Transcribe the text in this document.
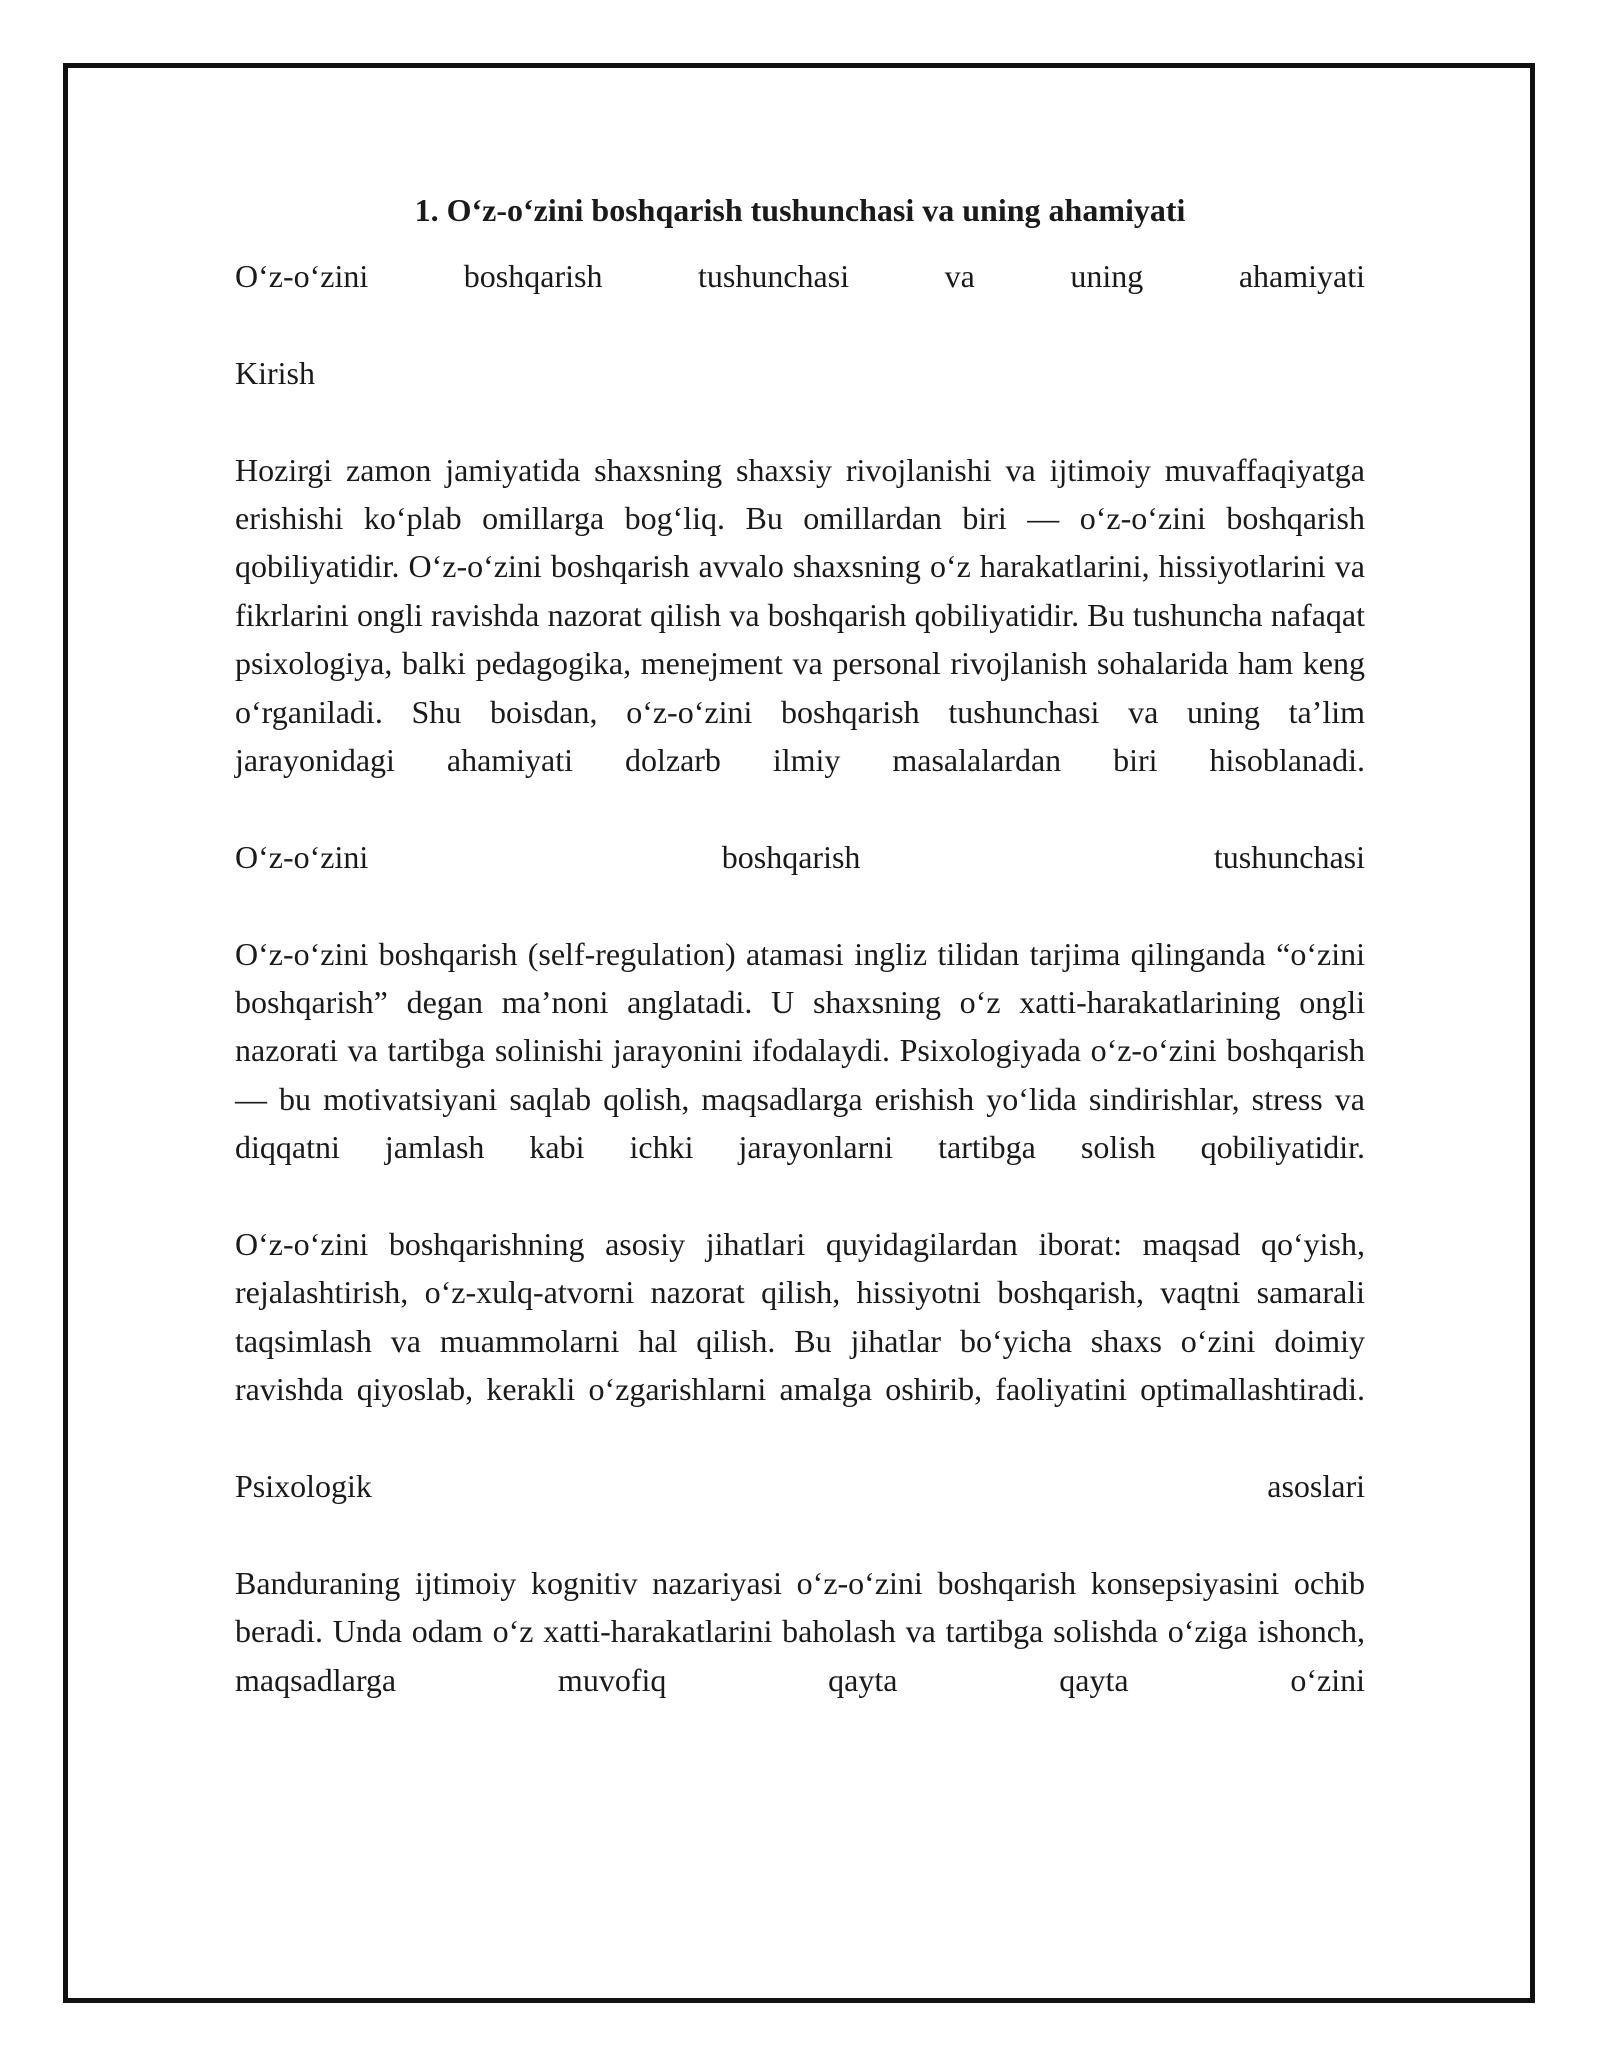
1. O‘z-o‘zini boshqarish tushunchasi va uning ahamiyati
O‘z-o‘zini boshqarish tushunchasi va uning ahamiyati
Kirish
Hozirgi zamon jamiyatida shaxsning shaxsiy rivojlanishi va ijtimoiy muvaffaqiyatga erishishi ko‘plab omillarga bog‘liq. Bu omillardan biri — o‘z-o‘zini boshqarish qobiliyatidir. O‘z-o‘zini boshqarish avvalo shaxsning o‘z harakatlarini, hissiyotlarini va fikrlarini ongli ravishda nazorat qilish va boshqarish qobiliyatidir. Bu tushuncha nafaqat psixologiya, balki pedagogika, menejment va personal rivojlanish sohalarida ham keng o‘rganiladi. Shu boisdan, o‘z-o‘zini boshqarish tushunchasi va uning ta’lim jarayonidagi ahamiyati dolzarb ilmiy masalalardan biri hisoblanadi.
O‘z-o‘zini boshqarish tushunchasi
O‘z-o‘zini boshqarish (self-regulation) atamasi ingliz tilidan tarjima qilinganda “o‘zini boshqarish” degan ma’noni anglatadi. U shaxsning o‘z xatti-harakatlarining ongli nazorati va tartibga solinishi jarayonini ifodalaydi. Psixologiyada o‘z-o‘zini boshqarish — bu motivatsiyani saqlab qolish, maqsadlarga erishish yo‘lida sindirishlar, stress va diqqatni jamlash kabi ichki jarayonlarni tartibga solish qobiliyatidir.
O‘z-o‘zini boshqarishning asosiy jihatlari quyidagilardan iborat: maqsad qo‘yish, rejalashtirish, o‘z-xulq-atvorni nazorat qilish, hissiyotni boshqarish, vaqtni samarali taqsimlash va muammolarni hal qilish. Bu jihatlar bo‘yicha shaxs o‘zini doimiy ravishda qiyoslab, kerakli o‘zgarishlarni amalga oshirib, faoliyatini optimallashtiradi.
Psixologik asoslari
Banduraning ijtimoiy kognitiv nazariyasi o‘z-o‘zini boshqarish konsepsiyasini ochib beradi. Unda odam o‘z xatti-harakatlarini baholash va tartibga solishda o‘ziga ishonch, maqsadlarga muvofiq qayta qayta o‘zini
